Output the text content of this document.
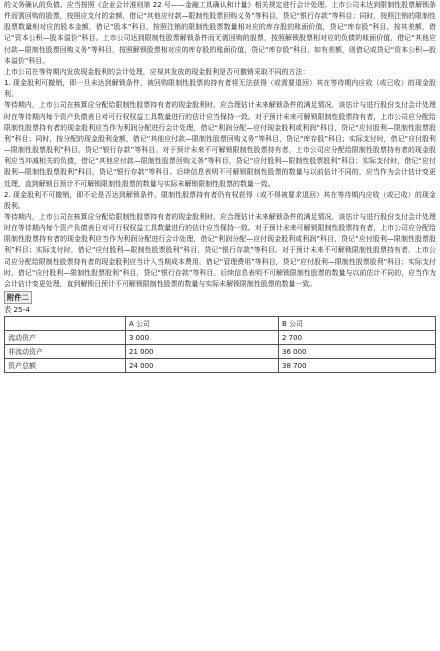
的义务确认的负债。应当按照《企业会计准则第 22 号——金融工具确认和计量》相关规定进行会计处理。上市公司未达到限制性股票解锁条件而需回购的股票，按照应支付的金额，借记“其他应付款—限制性股票回购义务”等科目，贷记“银行存款”等科目；同时，按照注销的限制性股票数量相对应的股本金额，借记“股本”科目，按照注销的限制性股票数量相对应的库存股的账面价值，贷记“库存股”科目，按其差额，借记“资本公积—股本溢价”科目。上市公司达到限制性股票解锁条件而无需回购的股票，按照解锁股票相对应的负债的账面价值，借记“其他应付款—限制性股票回购义务”等科目，按照解锁股票相对应的库存股的账面价值，贷记“库存股”科目，如有差额，则借记或贷记“资本公积—股本溢价”科目。

上市公司在等待期内发放现金股利的会计处理，应视其发放的现金股利是否可撤销采取不同的方法：

1. 现金股利可撤销，即一旦未达到解锁条件，被回购限制性股票的持有者将无法获得（或需要退回）其在等待期内应收（或已收）的现金股利。

等待期内，上市公司在核算应分配给限制性股票持有者的现金股利时，应合理估计未来解锁条件的满足情况，该估计与进行股份支付会计处理时在等待期内每个资产负债表日对可行权权益工具数量进行的估计应当保持一致。对于预计未来可解锁限制性股票持有者，上市公司应分配给限制性股票持有者的现金股利应当作为利润分配进行会计处理，借记“利润分配—应付现金股利或利润”科目，贷记“应付股利—限制性股票股利”科目；同时，按分配的现金股利金额，借记“其他应付款—限制性股票回购义务”等科目，贷记“库存股”科目；实际支付时，借记“应付股利—限制性股票股利”科目，贷记“银行存款”等科目。对于预计未来不可解锁限制性股票持有者，上市公司应分配给限制性股票持有者的现金股利应当冲减相关的负债，借记“其他应付款—限制性股票回购义务”等科目，贷记“应付股利—限制性股票股利”科目；实际支付时，借记“应付股利—限制性股票股利”科目，贷记“银行存款”等科目。后续信息表明不可解锁限制性股票的数量与以前估计不同的，应当作为会计估计变更处理，直到解锁日预计不可解锁限制性股票的数量与实际未解锁限制性股票的数量一致。

2. 现金股利不可撤销，即不论是否达到解锁条件，限制性股票持有者仍有权获得（或不得被要求退回）其在等待期内应收（或已收）的现金股利。

等待期内，上市公司在核算应分配给限制性股票持有者的现金股利时，应合理估计未来解锁条件的满足情况，该估计与进行股份支付会计处理时在等待期内每个资产负债表日对可行权权益工具数量进行的估计应当保持一致。对于预计未来可解锁限制性股票持有者，上市公司应分配给限制性股票持有者的现金股利应当作为利润分配进行会计处理，借记“利润分配—应付现金股利或利润”科目，贷记“应付股利—限制性股票股利”科目；实际支付时，借记“应付股利—限制性股票股利”科目，贷记“银行存款”等科目。对于预计未来不可解锁限制性股票持有者，上市公司应分配给限制性股票持有者的现金股利应当计入当期成本费用，借记“管理费用”等科目，贷记“应付股利—限制性股票股利”科目；实际支付时，借记“应付股利—限制性股票股利”科目，贷记“银行存款”等科目。后续信息表明不可解锁限制性股票的数量与以前估计不同的，应当作为会计估计变更处理，直到解锁日预计不可解锁限制性股票的数量与实际未解锁限制性股票的数量一致。

附件二
表 25-4
	A 公司	B 公司
流动资产	3 000	2 700
非流动资产	21 000	36 000
资产总额	24 000	38 700
